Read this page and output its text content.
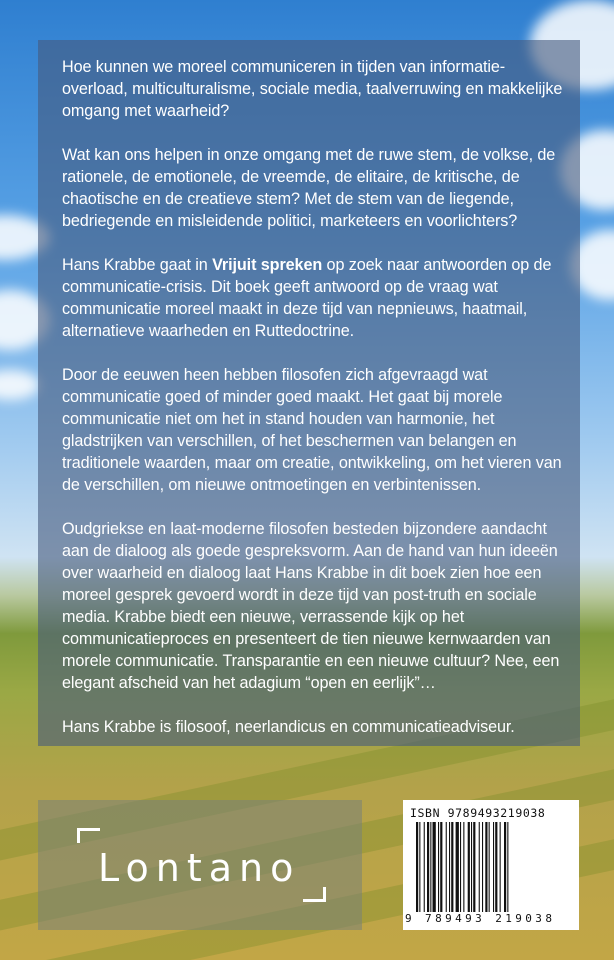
Hoe kunnen we moreel communiceren in tijden van informatie-overload, multiculturalisme, sociale media, taalverruwing en makkelijke omgang met waarheid?

Wat kan ons helpen in onze omgang met de ruwe stem, de volkse, de rationele, de emotionele, de vreemde, de elitaire, de kritische, de chaotische en de creatieve stem? Met de stem van de liegende, bedriegende en misleidende politici, marketeers en voorlichters?

Hans Krabbe gaat in Vrijuit spreken op zoek naar antwoorden op de communicatie-crisis. Dit boek geeft antwoord op de vraag wat communicatie moreel maakt in deze tijd van nepnieuws, haatmail, alternatieve waarheden en Ruttedoctrine.

Door de eeuwen heen hebben filosofen zich afgevraagd wat communicatie goed of minder goed maakt. Het gaat bij morele communicatie niet om het in stand houden van harmonie, het gladstrijken van verschillen, of het beschermen van belangen en traditionele waarden, maar om creatie, ontwikkeling, om het vieren van de verschillen, om nieuwe ontmoetingen en verbintenissen.

Oudgriekse en laat-moderne filosofen besteden bijzondere aandacht aan de dialoog als goede gespreksvorm. Aan de hand van hun ideeën over waarheid en dialoog laat Hans Krabbe in dit boek zien hoe een moreel gesprek gevoerd wordt in deze tijd van post-truth en sociale media. Krabbe biedt een nieuwe, verrassende kijk op het communicatieproces en presenteert de tien nieuwe kernwaarden van morele communicatie. Transparantie en een nieuwe cultuur? Nee, een elegant afscheid van het adagium “open en eerlijk”…

Hans Krabbe is filosoof, neerlandicus en communicatieadviseur.

Lontano
ISBN 9789493219038
9 789493 219038
